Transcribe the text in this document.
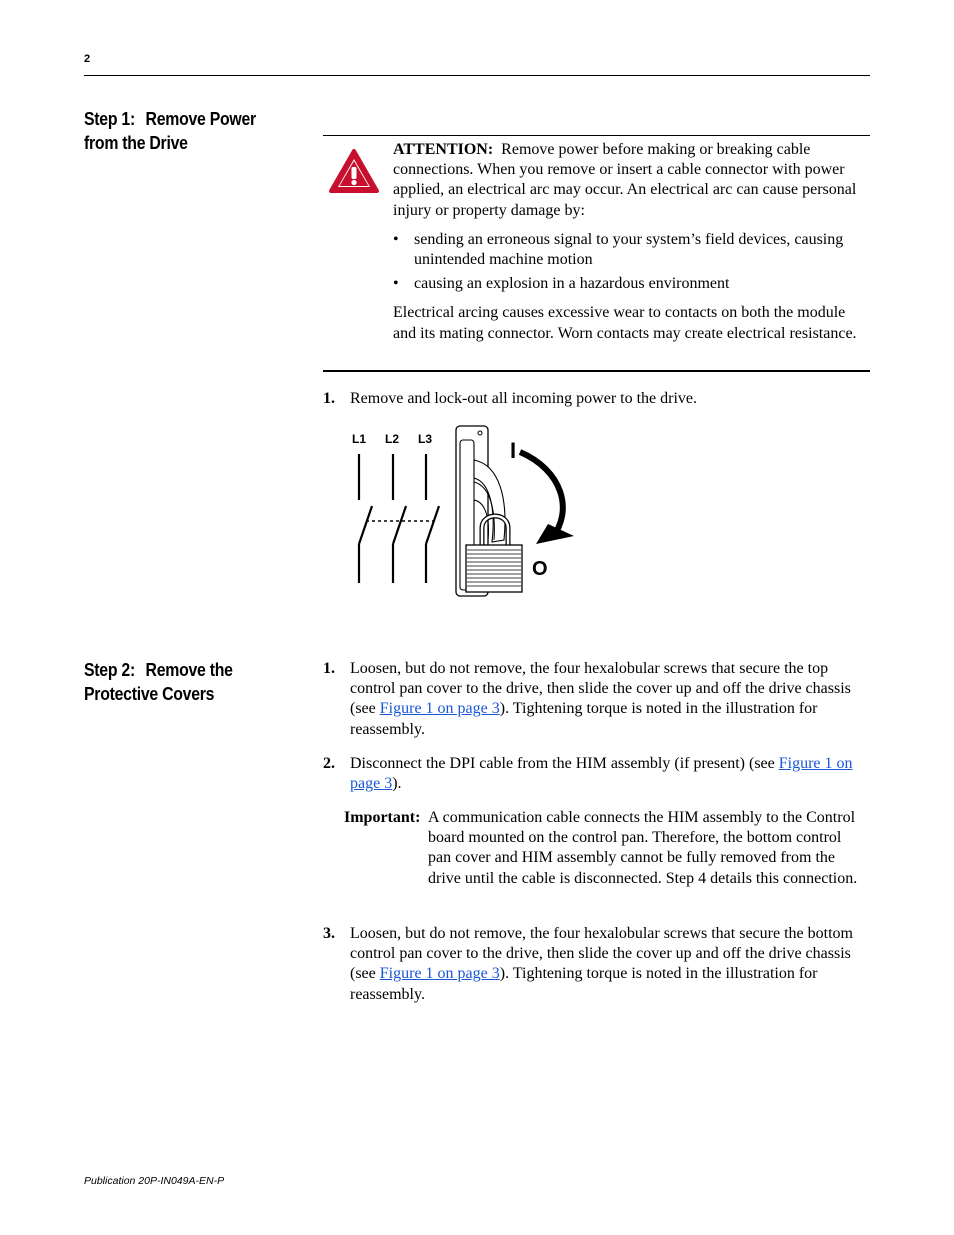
2
Step 1: Remove Power
from the Drive	ATTENTION: Remove power before making or breaking cable connections. When you remove or insert a cable connector with power applied, an electrical arc may occur. An electrical arc can cause personal injury or property damage by:

• sending an erroneous signal to your system’s field devices, causing unintended machine motion
• causing an explosion in a hazardous environment

Electrical arcing causes excessive wear to contacts on both the module and its mating connector. Worn contacts may create electrical resistance.

1. Remove and lock-out all incoming power to the drive.
L1 L2 L3	I
O
Step 2: Remove the
Protective Covers
1. Loosen, but do not remove, the four hexalobular screws that secure the top control pan cover to the drive, then slide the cover up and off the drive chassis (see Figure 1 on page 3). Tightening torque is noted in the illustration for reassembly.
2. Disconnect the DPI cable from the HIM assembly (if present) (see Figure 1 on page 3).
Important: A communication cable connects the HIM assembly to the Control board mounted on the control pan. Therefore, the bottom control pan cover and HIM assembly cannot be fully removed from the drive until the cable is disconnected. Step 4 details this connection.
3. Loosen, but do not remove, the four hexalobular screws that secure the bottom control pan cover to the drive, then slide the cover up and off the drive chassis (see Figure 1 on page 3). Tightening torque is noted in the illustration for reassembly.
Publication 20P-IN049A-EN-P
